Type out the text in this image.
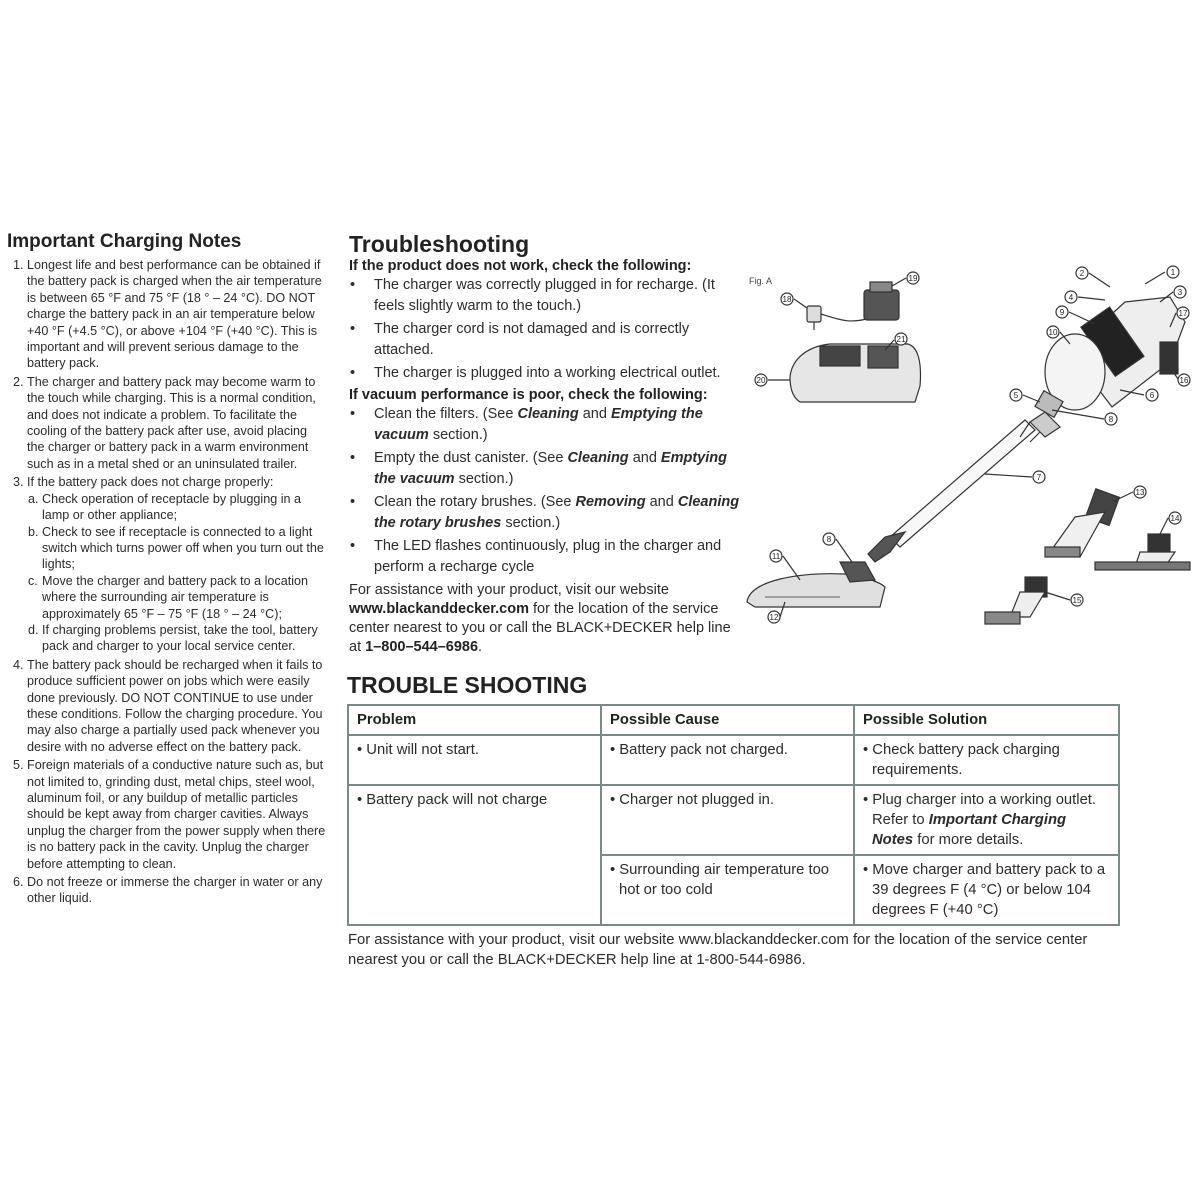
Important Charging Notes
1. Longest life and best performance can be obtained if the battery pack is charged when the air temperature is between 65 °F and 75 °F (18 ° – 24 °C). DO NOT charge the battery pack in an air temperature below +40 °F (+4.5 °C), or above +104 °F (+40 °C). This is important and will prevent serious damage to the battery pack.
2. The charger and battery pack may become warm to the touch while charging. This is a normal condition, and does not indicate a problem. To facilitate the cooling of the battery pack after use, avoid placing the charger or battery pack in a warm environment such as in a metal shed or an uninsulated trailer.
3. If the battery pack does not charge properly:
a. Check operation of receptacle by plugging in a lamp or other appliance;
b. Check to see if receptacle is connected to a light switch which turns power off when you turn out the lights;
c. Move the charger and battery pack to a location where the surrounding air temperature is approximately 65 °F – 75 °F (18 ° – 24 °C);
d. If charging problems persist, take the tool, battery pack and charger to your local service center.
4. The battery pack should be recharged when it fails to produce sufficient power on jobs which were easily done previously. DO NOT CONTINUE to use under these conditions. Follow the charging procedure. You may also charge a partially used pack whenever you desire with no adverse effect on the battery pack.
5. Foreign materials of a conductive nature such as, but not limited to, grinding dust, metal chips, steel wool, aluminum foil, or any buildup of metallic particles should be kept away from charger cavities. Always unplug the charger from the power supply when there is no battery pack in the cavity. Unplug the charger before attempting to clean.
6. Do not freeze or immerse the charger in water or any other liquid.
Troubleshooting
If the product does not work, check the following:
• The charger was correctly plugged in for recharge. (It feels slightly warm to the touch.)
• The charger cord is not damaged and is correctly attached.
• The charger is plugged into a working electrical outlet.
If vacuum performance is poor, check the following:
• Clean the filters. (See Cleaning and Emptying the vacuum section.)
• Empty the dust canister. (See Cleaning and Emptying the vacuum section.)
• Clean the rotary brushes. (See Removing and Cleaning the rotary brushes section.)
• The LED flashes continuously, plug in the charger and perform a recharge cycle

For assistance with your product, visit our website www.blackanddecker.com for the location of the service center nearest to you or call the BLACK+DECKER help line at 1–800–544–6986.

Fig. A
1
2
3
4
5	6
7
8
8
9
10
11
12
13
14
15
16
17
18
19
20
21
TROUBLE SHOOTING
Problem	Possible Cause	Possible Solution

• Unit will not start.	• Battery pack not charged.	• Check battery pack charging requirements.

• Battery pack will not charge	• Charger not plugged in.	• Plug charger into a working outlet. Refer to Important Charging Notes for more details.

	• Surrounding air temperature too hot or too cold	• Move charger and battery pack to a 39 degrees F (4 °C) or below 104 degrees F (+40 °C)

For assistance with your product, visit our website www.blackanddecker.com for the location of the service center nearest you or call the BLACK+DECKER help line at 1-800-544-6986.
